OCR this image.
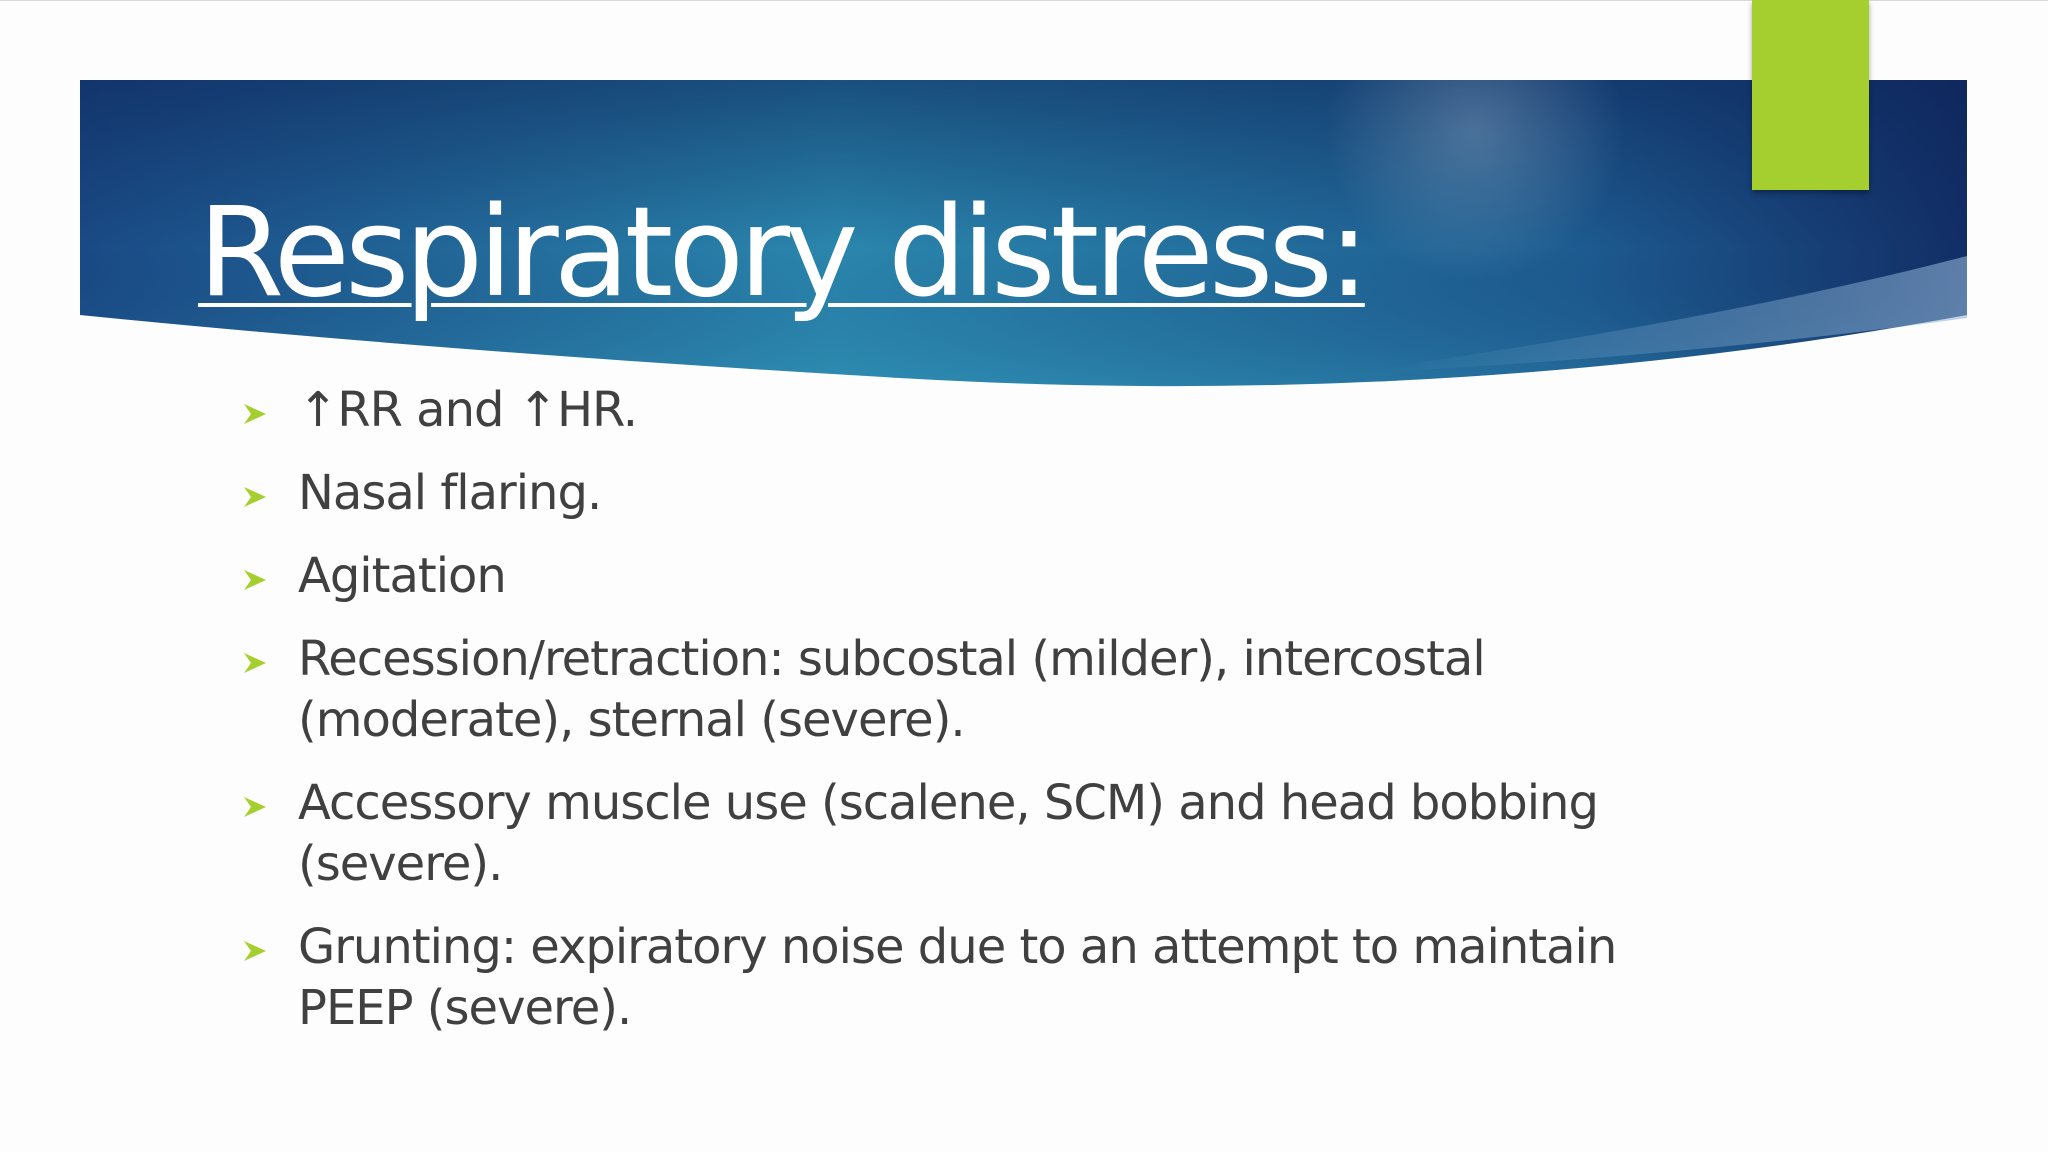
Respiratory distress:
↑RR and ↑HR.
Nasal flaring.
Agitation
Recession/retraction: subcostal (milder), intercostal (moderate), sternal (severe).
Accessory muscle use (scalene, SCM) and head bobbing (severe).
Grunting: expiratory noise due to an attempt to maintain PEEP (severe).
